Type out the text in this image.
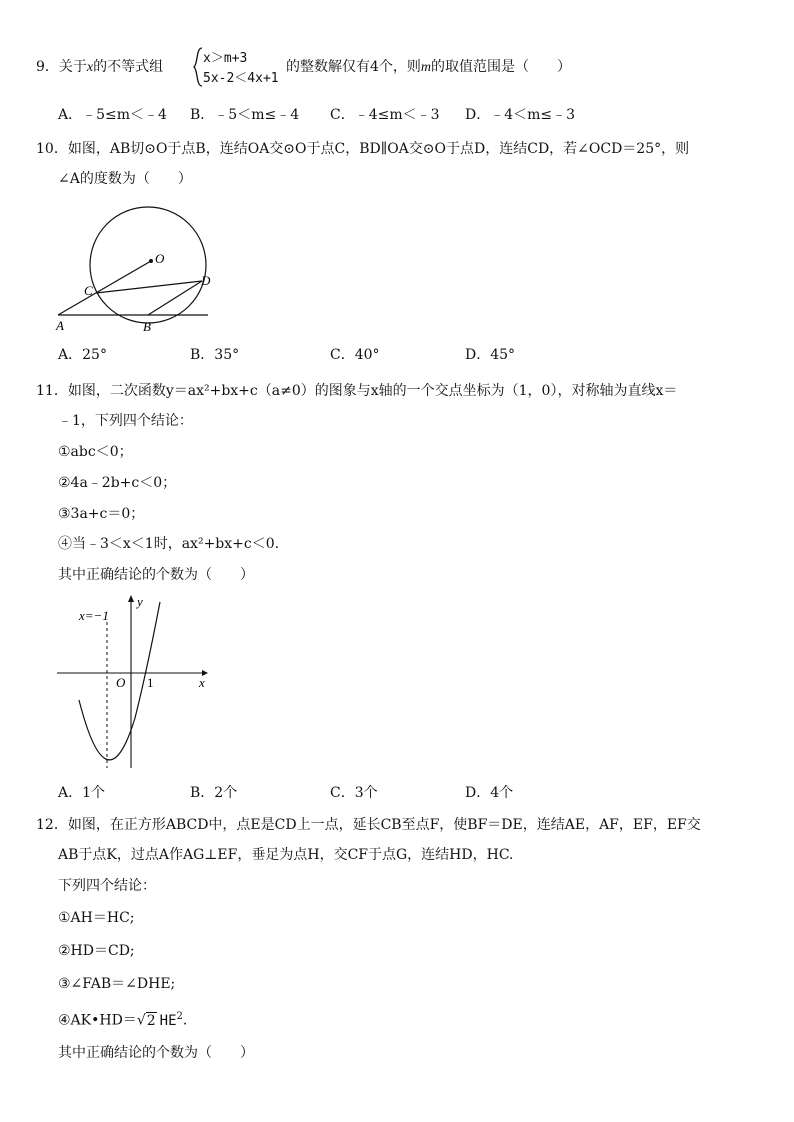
9．关于x的不等式组
x＞m+3
5x-2＜4x+1
的整数解仅有4个，则m的取值范围是（　　）
A．﹣5≤m＜﹣4 B．﹣5＜m≤﹣4 C．﹣4≤m＜﹣3 D．﹣4＜m≤﹣3
10．如图，AB切⊙O于点B，连结OA交⊙O于点C，BD∥OA交⊙O于点D，连结CD，若∠OCD＝25°，则
∠A的度数为（　　）
O
C
D
A	B
A．25°	B．35°	C．40°	D．45°
11．如图，二次函数y＝ax²+bx+c（a≠0）的图象与x轴的一个交点坐标为（1，0），对称轴为直线x＝
﹣1，下列四个结论：
①abc＜0；
②4a﹣2b+c＜0；
③3a+c＝0；
④当﹣3＜x＜1时，ax²+bx+c＜0.
其中正确结论的个数为（　　）
x=−1
y
x
O 1
A．1个	B．2个	C．3个	D．4个
12．如图，在正方形ABCD中，点E是CD上一点，延长CB至点F，使BF＝DE，连结AE，AF，EF，EF交
AB于点K，过点A作AG⊥EF，垂足为点H，交CF于点G，连结HD，HC.
下列四个结论：
①AH＝HC;
②HD＝CD;
③∠FAB＝∠DHE;
④AK•HD＝√2 $HE^2$.
其中正确结论的个数为（　　）
